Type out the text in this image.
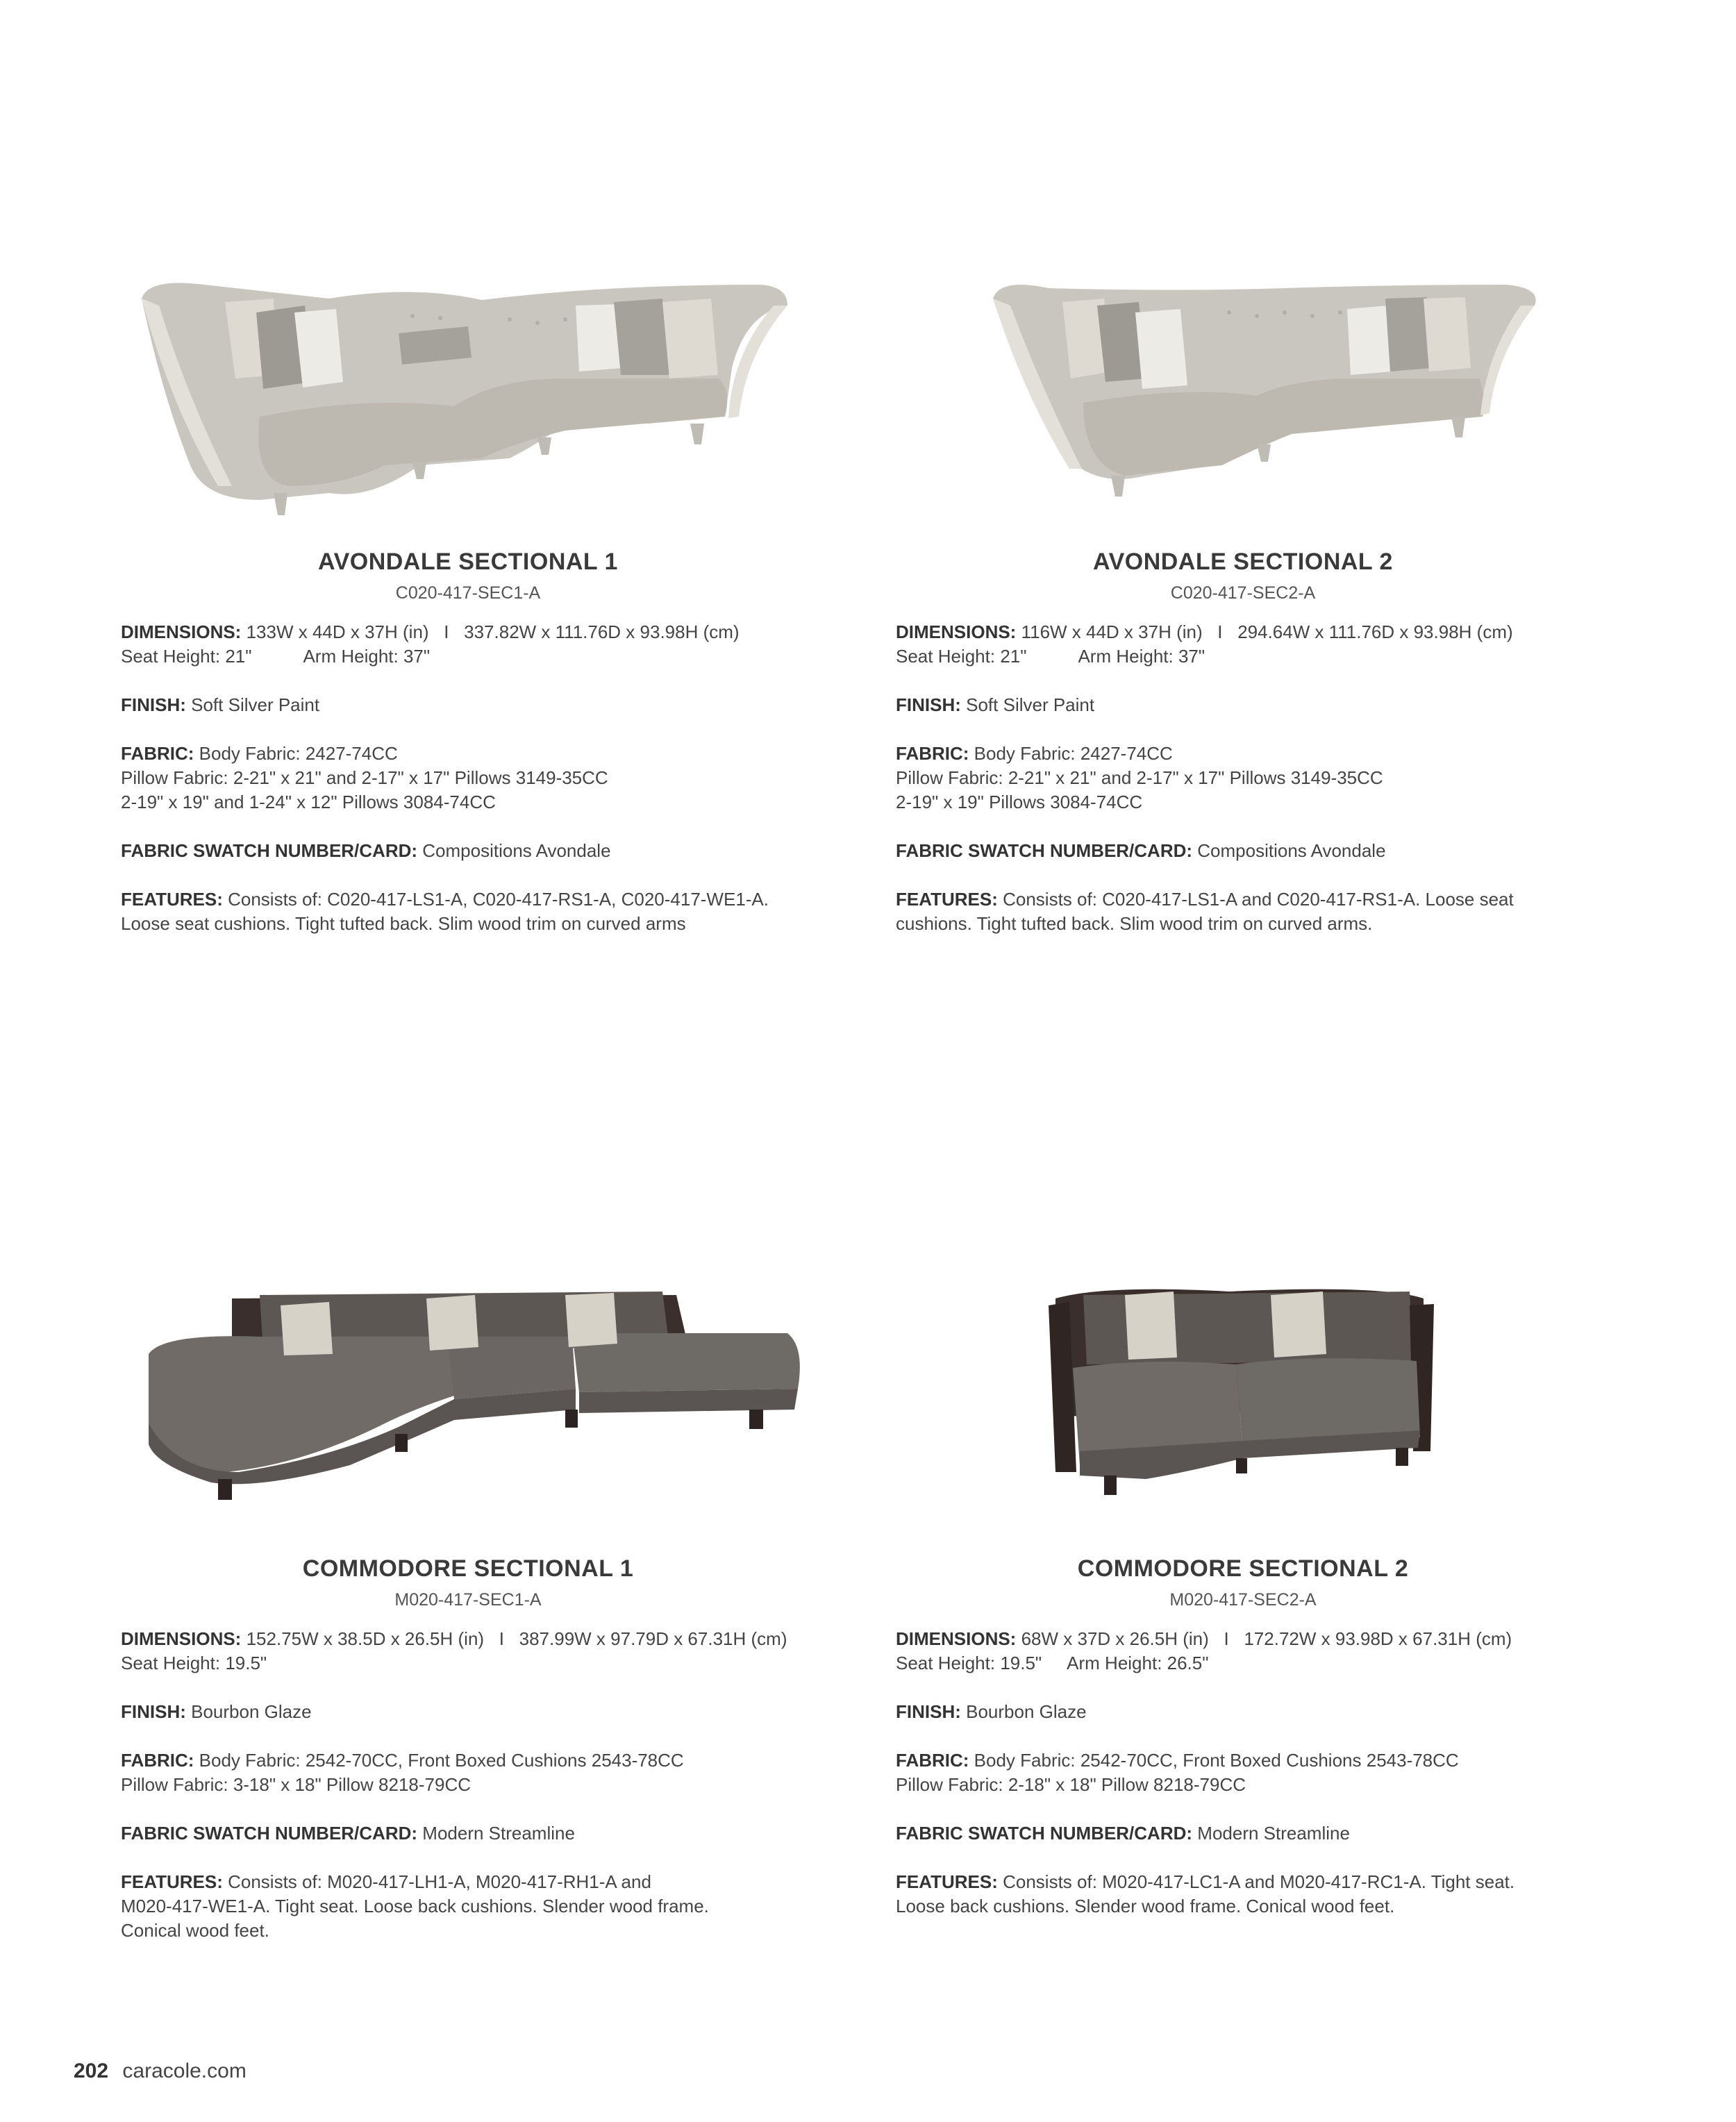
AVONDALE SECTIONAL 1
C020-417-SEC1-A

DIMENSIONS: 133W x 44D x 37H (in)   I   337.82W x 111.76D x 93.98H (cm)
Seat Height: 21"	Arm Height: 37"

FINISH: Soft Silver Paint

FABRIC: Body Fabric: 2427-74CC
Pillow Fabric: 2-21" x 21" and 2-17" x 17" Pillows 3149-35CC
2-19" x 19" and 1-24" x 12" Pillows 3084-74CC

FABRIC SWATCH NUMBER/CARD: Compositions Avondale

FEATURES: Consists of: C020-417-LS1-A, C020-417-RS1-A, C020-417-WE1-A.
Loose seat cushions. Tight tufted back. Slim wood trim on curved arms

AVONDALE SECTIONAL 2
C020-417-SEC2-A

DIMENSIONS: 116W x 44D x 37H (in)   I   294.64W x 111.76D x 93.98H (cm)
Seat Height: 21"	Arm Height: 37"

FINISH: Soft Silver Paint

FABRIC: Body Fabric: 2427-74CC
Pillow Fabric: 2-21" x 21" and 2-17" x 17" Pillows 3149-35CC
2-19" x 19" Pillows 3084-74CC

FABRIC SWATCH NUMBER/CARD: Compositions Avondale

FEATURES: Consists of: C020-417-LS1-A and C020-417-RS1-A. Loose seat
cushions. Tight tufted back. Slim wood trim on curved arms.

COMMODORE SECTIONAL 1
M020-417-SEC1-A

DIMENSIONS: 152.75W x 38.5D x 26.5H (in)   I   387.99W x 97.79D x 67.31H (cm)
Seat Height: 19.5"

FINISH: Bourbon Glaze

FABRIC: Body Fabric: 2542-70CC, Front Boxed Cushions 2543-78CC
Pillow Fabric: 3-18" x 18" Pillow 8218-79CC

FABRIC SWATCH NUMBER/CARD: Modern Streamline

FEATURES: Consists of: M020-417-LH1-A, M020-417-RH1-A and
M020-417-WE1-A. Tight seat. Loose back cushions. Slender wood frame.
Conical wood feet.

COMMODORE SECTIONAL 2
M020-417-SEC2-A

DIMENSIONS: 68W x 37D x 26.5H (in)   I   172.72W x 93.98D x 67.31H (cm)
Seat Height: 19.5" Arm Height: 26.5"

FINISH: Bourbon Glaze

FABRIC: Body Fabric: 2542-70CC, Front Boxed Cushions 2543-78CC
Pillow Fabric: 2-18" x 18" Pillow 8218-79CC

FABRIC SWATCH NUMBER/CARD: Modern Streamline

FEATURES: Consists of: M020-417-LC1-A and M020-417-RC1-A. Tight seat.
Loose back cushions. Slender wood frame. Conical wood feet.

202 caracole.com
